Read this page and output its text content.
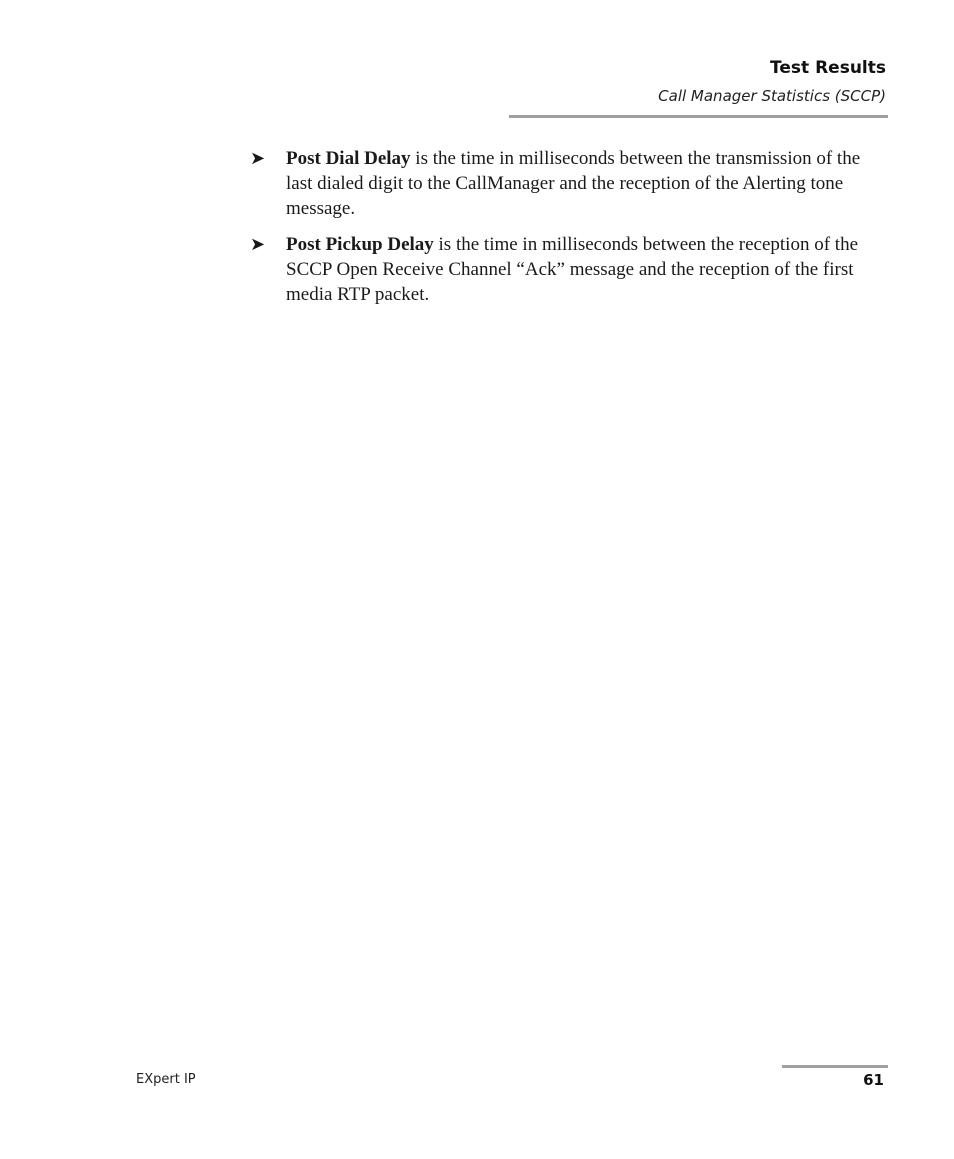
Test Results
Call Manager Statistics (SCCP)
➤ Post Dial Delay is the time in milliseconds between the transmission of the last dialed digit to the CallManager and the reception of the Alerting tone message.
➤ Post Pickup Delay is the time in milliseconds between the reception of the SCCP Open Receive Channel “Ack” message and the reception of the first media RTP packet.
EXpert IP	61
